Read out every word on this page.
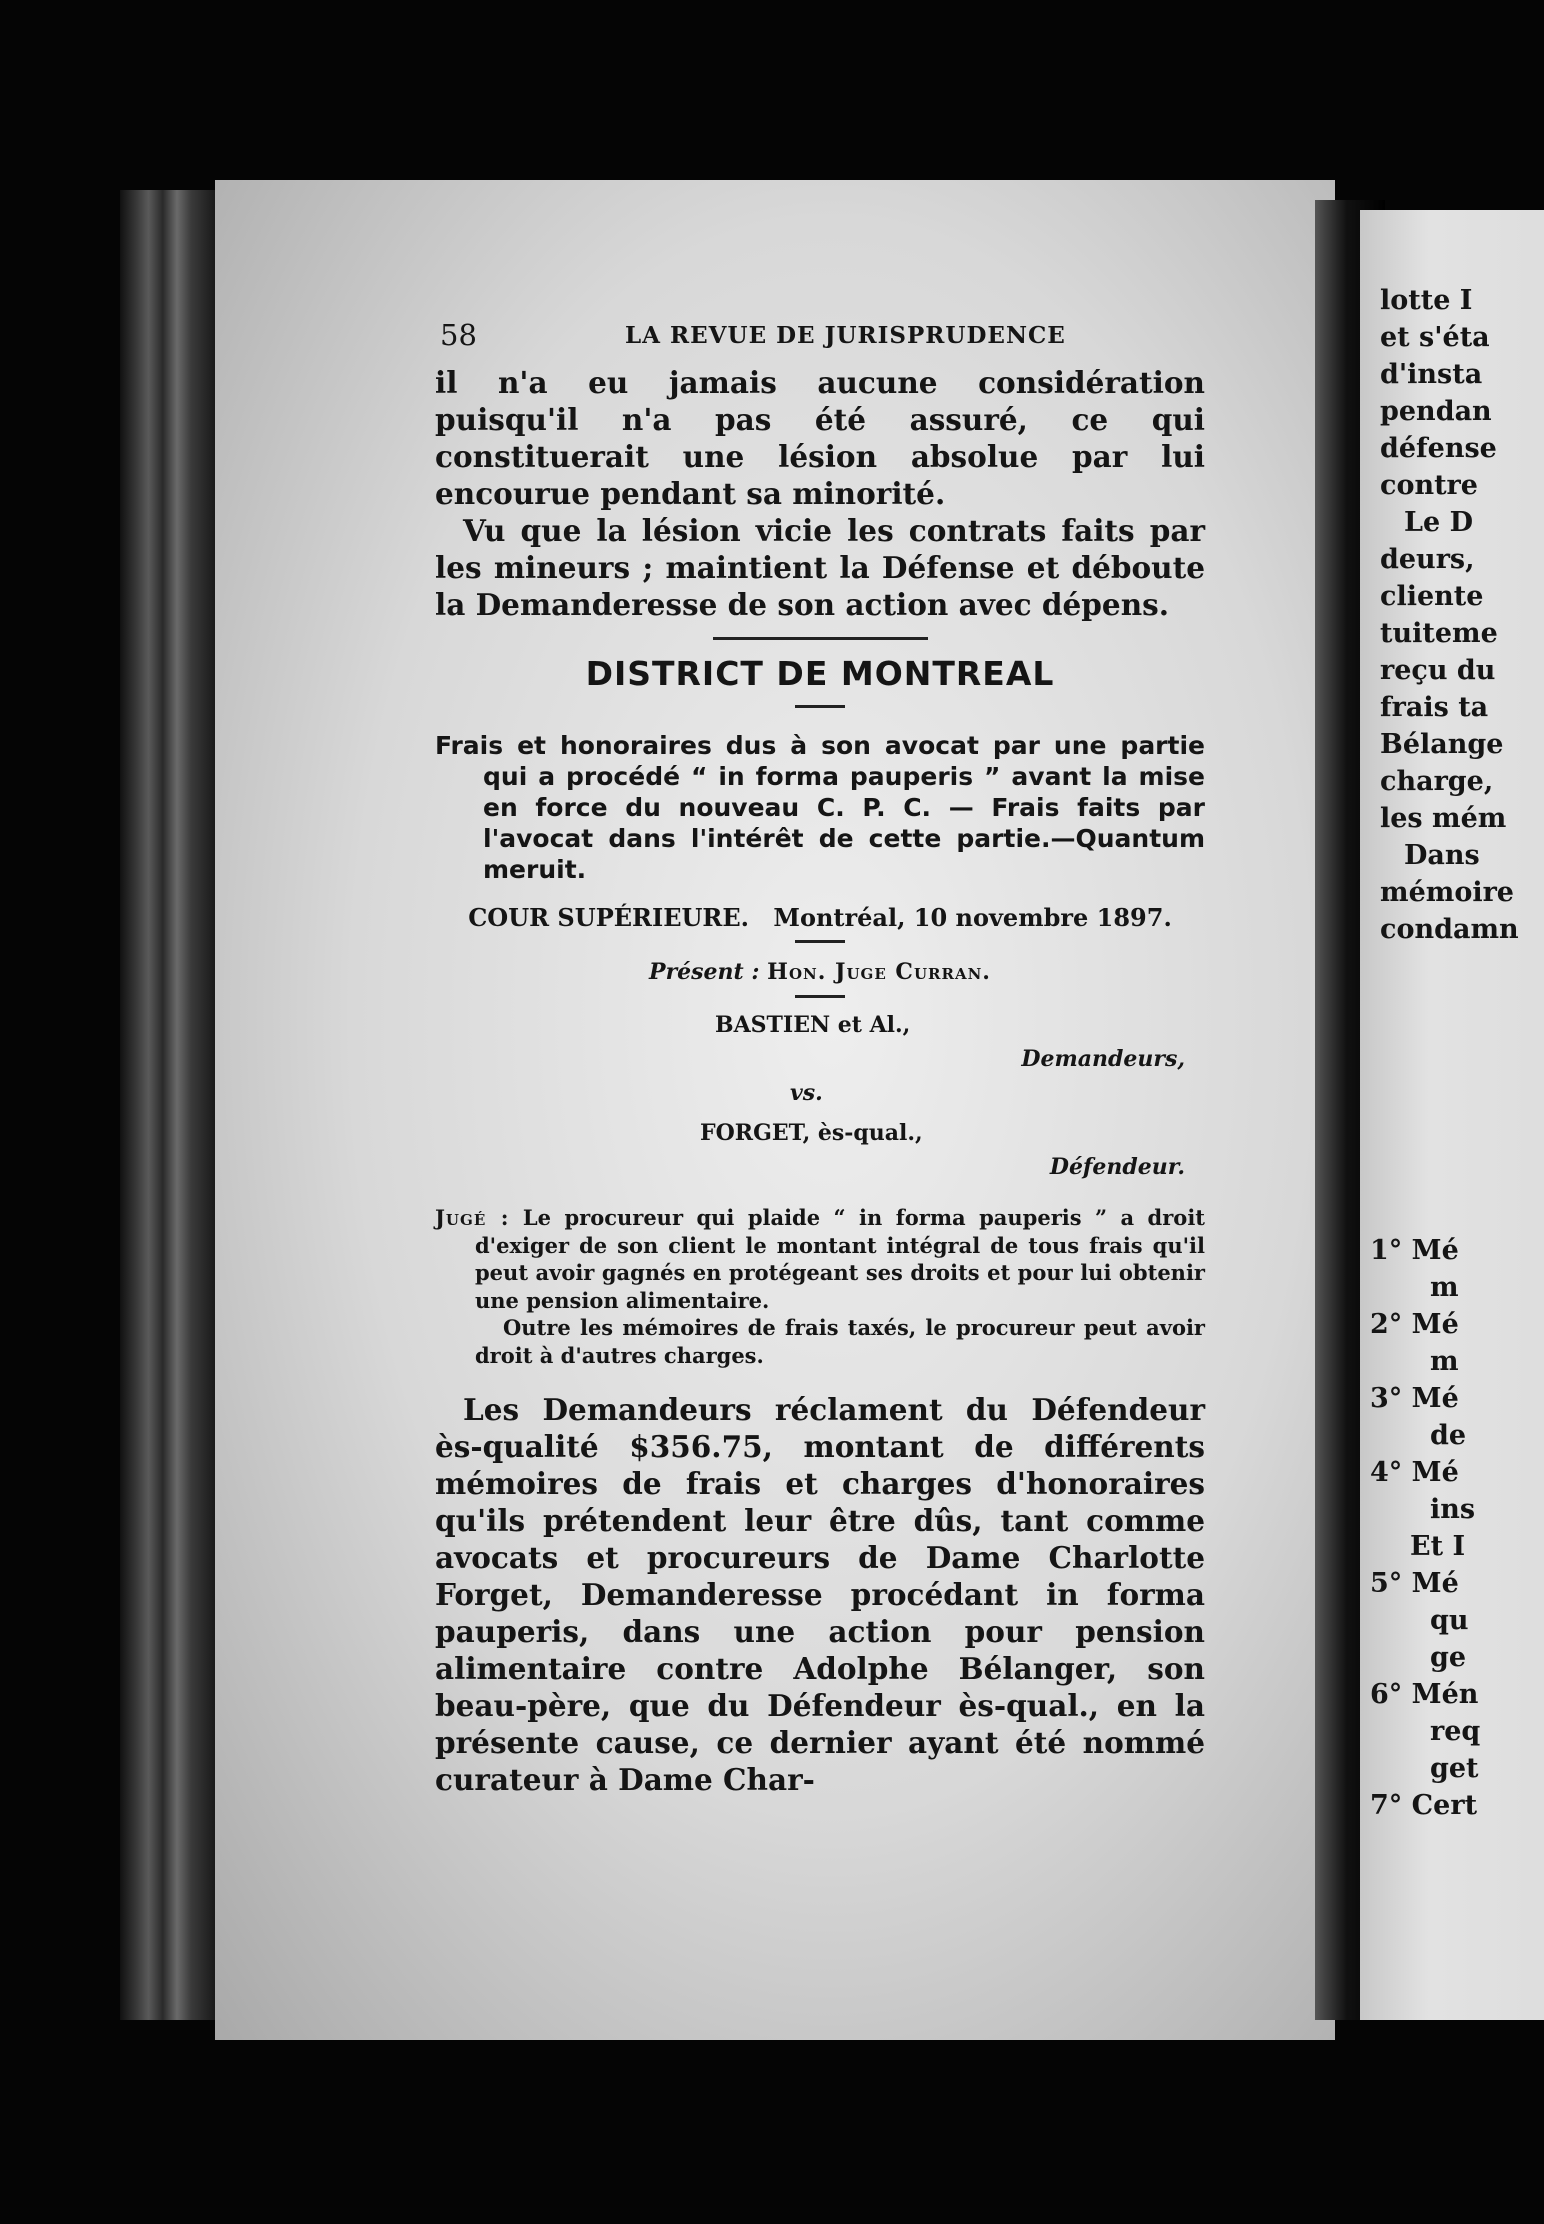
lotte I
et s'éta
d'insta
pendan
défense
contre
Le D
deurs,
cliente
tuiteme
reçu du
frais ta
Bélange
charge,
les mém
Dans
mémoire
condamn
1° Mé
m
2° Mé
m
3° Mé
de
4° Mé
ins
Et I
5° Mé
qu
ge
6° Mén
req
get
7° Cert
58	LA REVUE DE JURISPRUDENCE

il n'a eu jamais aucune considération puisqu'il n'a pas été assuré, ce qui constituerait une lésion absolue par lui encourue pendant sa minorité.

Vu que la lésion vicie les contrats faits par les mineurs ; maintient la Défense et déboute la Demanderesse de son action avec dépens.

DISTRICT DE MONTREAL

Frais et honoraires dus à son avocat par une partie qui a procédé “ in forma pauperis ” avant la mise en force du nouveau C. P. C. — Frais faits par l'avocat dans l'intérêt de cette partie.—Quantum meruit.

COUR SUPÉRIEURE. Montréal, 10 novembre 1897.
Présent : Hon. Juge Curran.
BASTIEN et Al.,
Demandeurs,
vs.
FORGET, ès-qual.,
Défendeur.

Jugé : Le procureur qui plaide “ in forma pauperis ” a droit d'exiger de son client le montant intégral de tous frais qu'il peut avoir gagnés en protégeant ses droits et pour lui obtenir une pension alimentaire.

Outre les mémoires de frais taxés, le procureur peut avoir droit à d'autres charges.

Les Demandeurs réclament du Défendeur ès-qualité $356.75, montant de différents mémoires de frais et charges d'honoraires qu'ils prétendent leur être dûs, tant comme avocats et procureurs de Dame Charlotte Forget, Demanderesse procédant in forma pauperis, dans une action pour pension alimentaire contre Adolphe Bélanger, son beau-père, que du Défendeur ès-qual., en la présente cause, ce dernier ayant été nommé curateur à Dame Char-
